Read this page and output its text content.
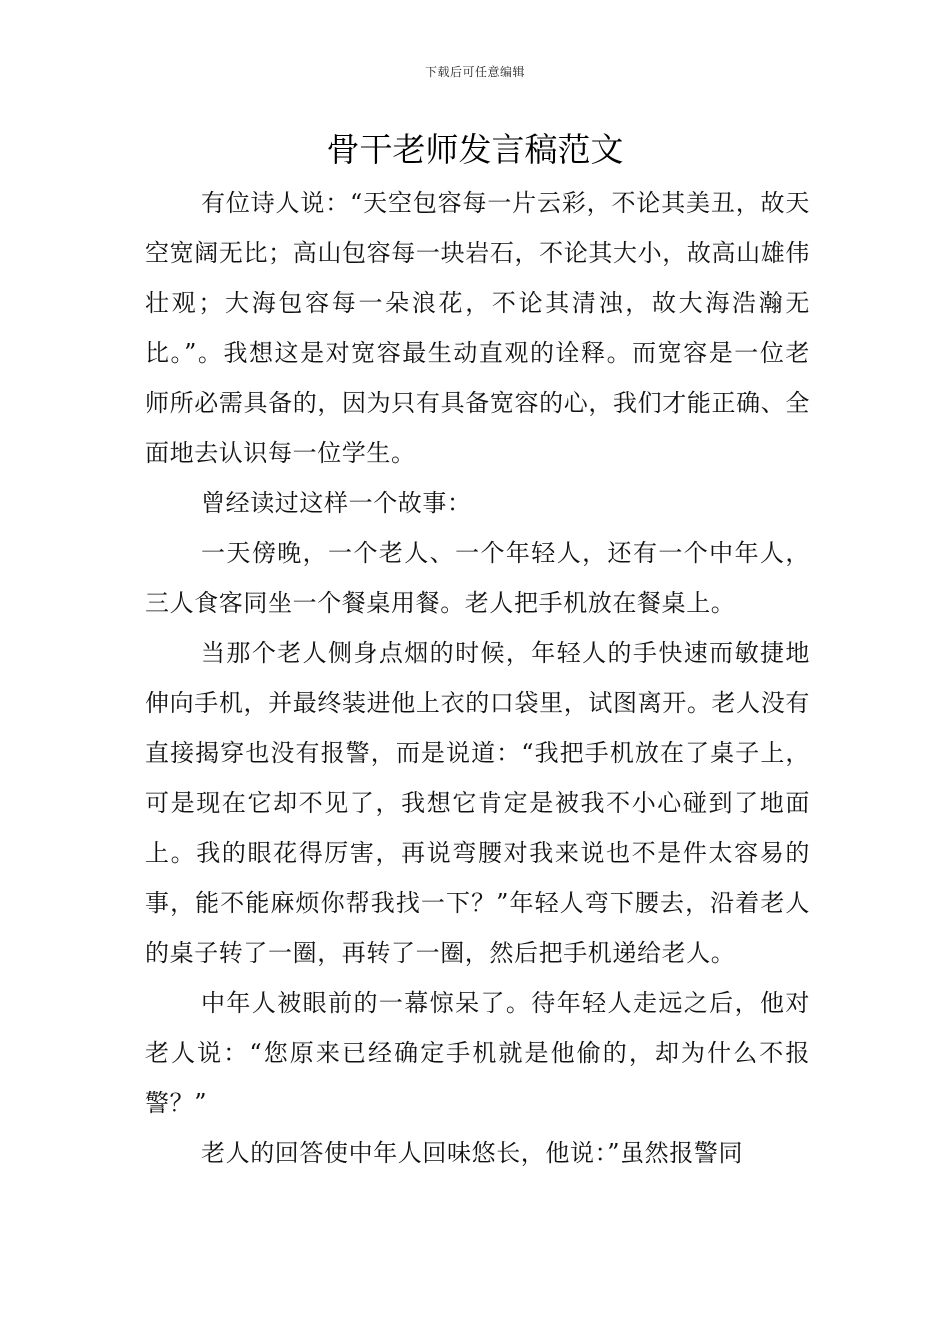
下载后可任意编辑
骨干老师发言稿范文

有位诗人说：“天空包容每一片云彩，不论其美丑，故天空宽阔无比；高山包容每一块岩石，不论其大小，故高山雄伟壮观；大海包容每一朵浪花，不论其清浊，故大海浩瀚无比。”。我想这是对宽容最生动直观的诠释。而宽容是一位老师所必需具备的，因为只有具备宽容的心，我们才能正确、全面地去认识每一位学生。

曾经读过这样一个故事：

一天傍晚，一个老人、一个年轻人，还有一个中年人，三人食客同坐一个餐桌用餐。老人把手机放在餐桌上。

当那个老人侧身点烟的时候，年轻人的手快速而敏捷地伸向手机，并最终装进他上衣的口袋里，试图离开。老人没有直接揭穿也没有报警，而是说道：“我把手机放在了桌子上，可是现在它却不见了，我想它肯定是被我不小心碰到了地面上。我的眼花得厉害，再说弯腰对我来说也不是件太容易的事，能不能麻烦你帮我找一下？”年轻人弯下腰去，沿着老人的桌子转了一圈，再转了一圈，然后把手机递给老人。

中年人被眼前的一幕惊呆了。待年轻人走远之后，他对老人说：“您原来已经确定手机就是他偷的，却为什么不报警？”

老人的回答使中年人回味悠长，他说：”虽然报警同
